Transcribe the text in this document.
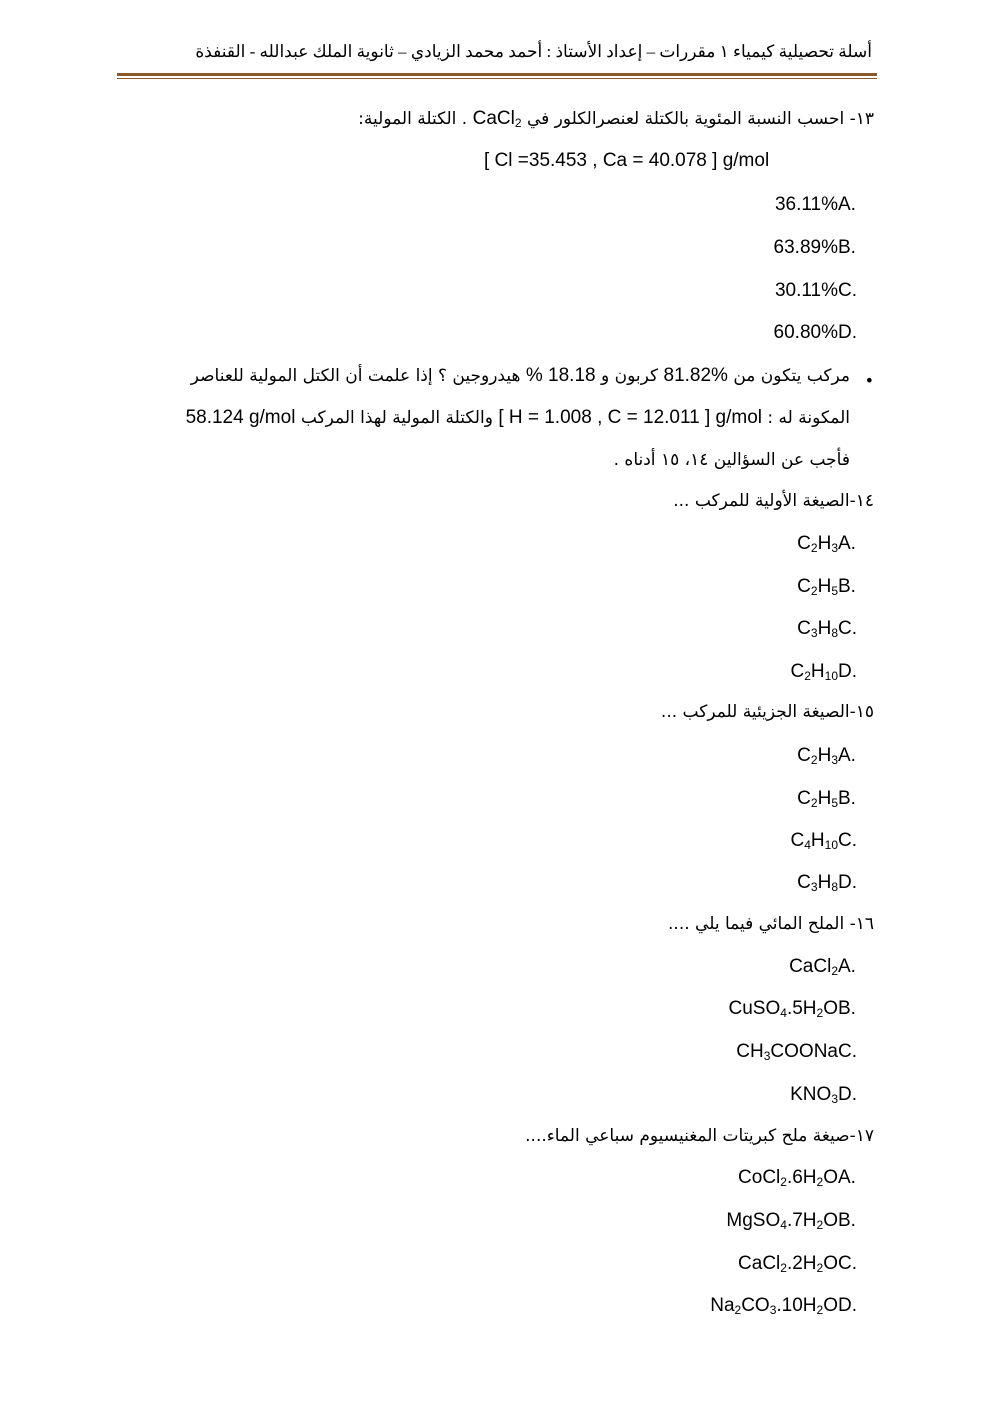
أسلة تحصيلية كيمياء ١ مقررات – إعداد الأستاذ : أحمد محمد الزيادي – ثانوية الملك عبدالله - القنفذة
١٣- احسب النسبة المئوية بالكتلة لعنصرالكلور في CaCl$_2$ . الكتلة المولية:
[ Cl =35.453 , Ca = 40.078 ] g/mol
36.11%A.
63.89%B.
30.11%C.
60.80%D.
•
مركب يتكون من 81.82% كربون و % 18.18 هيدروجين ؟ إذا علمت أن الكتل المولية للعناصر
المكونة له : [ H = 1.008 , C = 12.011 ] g/mol والكتلة المولية لهذا المركب 58.124 g/mol
فأجب عن السؤالين ١٤، ١٥ أدناه .
١٤-الصيغة الأولية للمركب ...
$C_2H_3A$.
$C_2H_5B$.
$C_3H_8C$.
$C_2H_{10}D$.
١٥-الصيغة الجزيئية للمركب ...
$C_2H_3A$.
$C_2H_5B$.
$C_4H_{10}C$.
$C_3H_8D$.
١٦- الملح المائي فيما يلي ....
CaCl$_2$A.
$CuSO_4.5H_2OB$.
$CH_3COONaC$.
$KNO_3D$.
١٧-صيغة ملح كبريتات المغنيسيوم سباعي الماء....
$CoCl_2.6H_2OA$.
$MgSO_4.7H_2OB$.
$CaCl_2.2H_2OC$.
$Na_2CO_3.10H_2OD$.
